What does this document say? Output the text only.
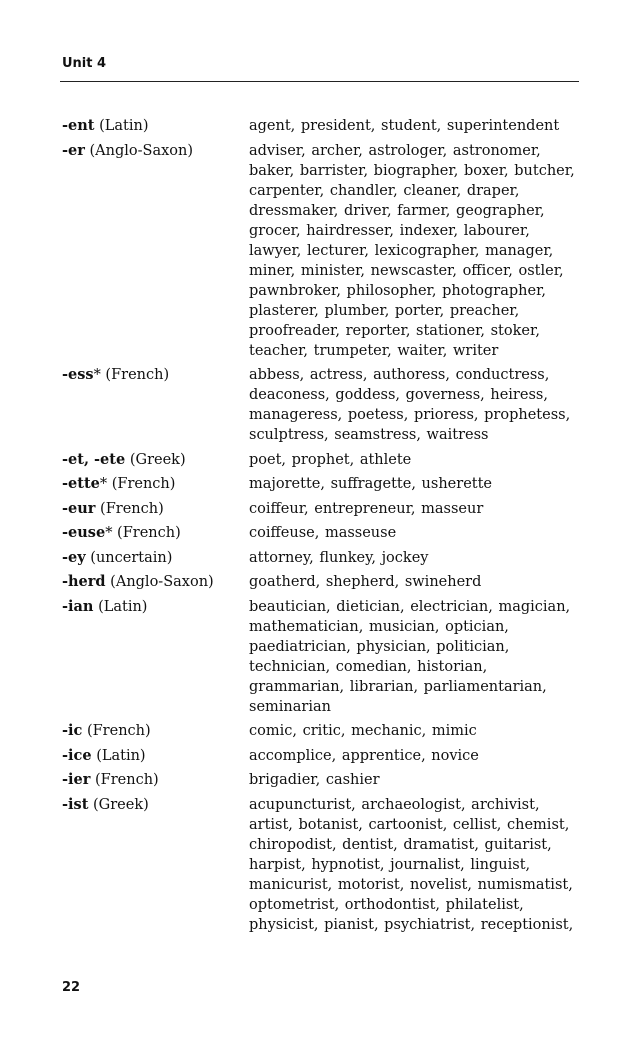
Unit 4
-ent (Latin)	agent, president, student, superintendent
-er (Anglo-Saxon)	adviser, archer, astrologer, astronomer, baker, barrister, biographer, boxer, butcher, carpenter, chandler, cleaner, draper, dressmaker, driver, farmer, geographer, grocer, hairdresser, indexer, labourer, lawyer, lecturer, lexicographer, manager, miner, minister, newscaster, officer, ostler, pawnbroker, philosopher, photographer, plasterer, plumber, porter, preacher, proofreader, reporter, stationer, stoker, teacher, trumpeter, waiter, writer
-ess* (French)	abbess, actress, authoress, conductress, deaconess, goddess, governess, heiress, manageress, poetess, prioress, prophetess, sculptress, seamstress, waitress
-et, -ete (Greek)	poet, prophet, athlete
-ette* (French)	majorette, suffragette, usherette
-eur (French)	coiffeur, entrepreneur, masseur
-euse* (French)	coiffeuse, masseuse
-ey (uncertain)	attorney, flunkey, jockey
-herd (Anglo-Saxon)	goatherd, shepherd, swineherd
-ian (Latin)	beautician, dietician, electrician, magician, mathematician, musician, optician, paediatrician, physician, politician, technician, comedian, historian, grammarian, librarian, parliamentarian, seminarian
-ic (French)	comic, critic, mechanic, mimic
-ice (Latin)	accomplice, apprentice, novice
-ier (French)	brigadier, cashier
-ist (Greek)	acupuncturist, archaeologist, archivist, artist, botanist, cartoonist, cellist, chemist, chiropodist, dentist, dramatist, guitarist, harpist, hypnotist, journalist, linguist, manicurist, motorist, novelist, numismatist, optometrist, orthodontist, philatelist, physicist, pianist, psychiatrist, receptionist,
22
